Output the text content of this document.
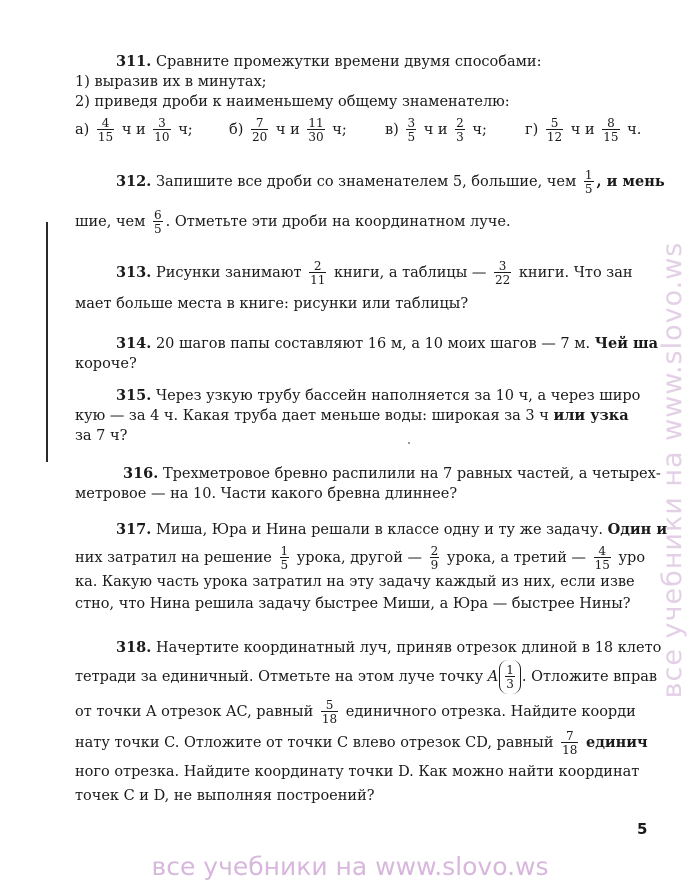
311. Сравните промежутки времени двумя способами:
1) выразив их в минутах;
2) приведя дроби к наименьшему общему знаменателю:
$а) \frac{4}{15}$ ч и $\frac{3}{10} ч$;	$б) \frac{7}{20}$ ч и $\frac{11}{30} ч$;	$в) \frac{3}{5}$ ч и $\frac{2}{3} ч$;	$г) \frac{5}{12}$ ч и $\frac{8}{15} ч$.
312. Запишите все дроби со знаменателем 5, большие, чем $\frac{1}{5}$ , и мень
шие, чем $\frac{6}{5}$ . Отметьте эти дроби на координатном луче.
313. Рисунки занимают $\frac{2}{11}$ книги, а таблицы — $\frac{3}{22}$ книги. Что зан
мает больше места в книге: рисунки или таблицы?
314. 20 шагов папы составляют 16 м, а 10 моих шагов — 7 м. Чей ша
короче?
315. Через узкую трубу бассейн наполняется за 10 ч, а через широ
кую — за 4 ч. Какая труба дает меньше воды: широкая за 3 ч или узка
за 7 ч?
316. Трехметровое бревно распилили на 7 равных частей, а четырех-
метровое — на 10. Части какого бревна длиннее?
317. Миша, Юра и Нина решали в классе одну и ту же задачу. Один и
них затратил на решение $\frac{1}{5}$ урока, другой — $\frac{2}{9}$ урока, а третий — $\frac{4}{15}$ уро
ка. Какую часть урока затратил на эту задачу каждый из них, если изве
стно, что Нина решила задачу быстрее Миши, а Юра — быстрее Нины?
318. Начертите координатный луч, приняв отрезок длиной в 18 клето
тетради за единичный. Отметьте на этом луче точку A $\frac{1}{3}$ . Отложите вправ
от точки A отрезок AC, равный $\frac{5}{18}$ единичного отрезка. Найдите коорди
нату точки C. Отложите от точки C влево отрезок CD, равный $\frac{7}{18}$ единич
ного отрезка. Найдите координату точки D. Как можно найти координат
точек C и D, не выполняя построений?
5
все учебники на www.slovo.ws
все учебники на www.slovo.ws
